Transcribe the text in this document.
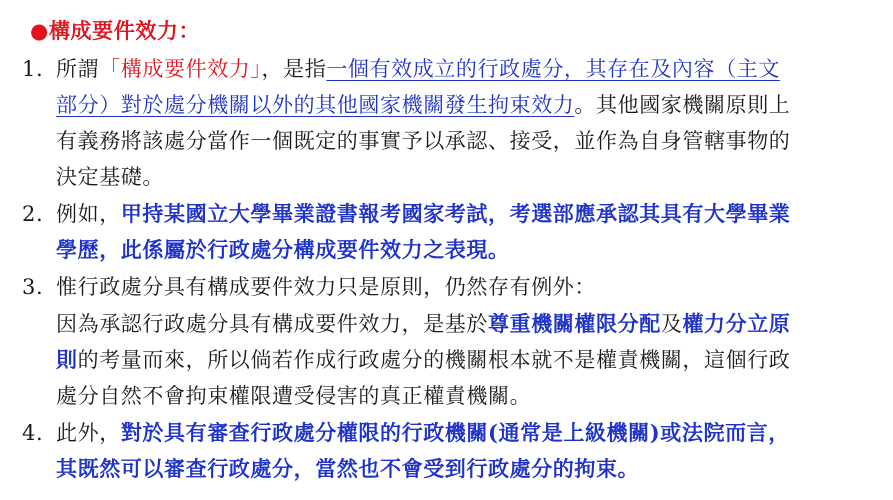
●構成要件效力：
1. 所謂「構成要件效力」，是指一個有效成立的行政處分，其存在及內容（主文
部分）對於處分機關以外的其他國家機關發生拘束效力。其他國家機關原則上
有義務將該處分當作一個既定的事實予以承認、接受，並作為自身管轄事物的
決定基礎。
2. 例如，甲持某國立大學畢業證書報考國家考試，考選部應承認其具有大學畢業
學歷，此係屬於行政處分構成要件效力之表現。
3. 惟行政處分具有構成要件效力只是原則，仍然存有例外：
因為承認行政處分具有構成要件效力，是基於尊重機關權限分配及權力分立原
則的考量而來，所以倘若作成行政處分的機關根本就不是權責機關，這個行政
處分自然不會拘束權限遭受侵害的真正權責機關。
4. 此外，對於具有審查行政處分權限的行政機關(通常是上級機關)或法院而言，
其既然可以審查行政處分，當然也不會受到行政處分的拘束。
